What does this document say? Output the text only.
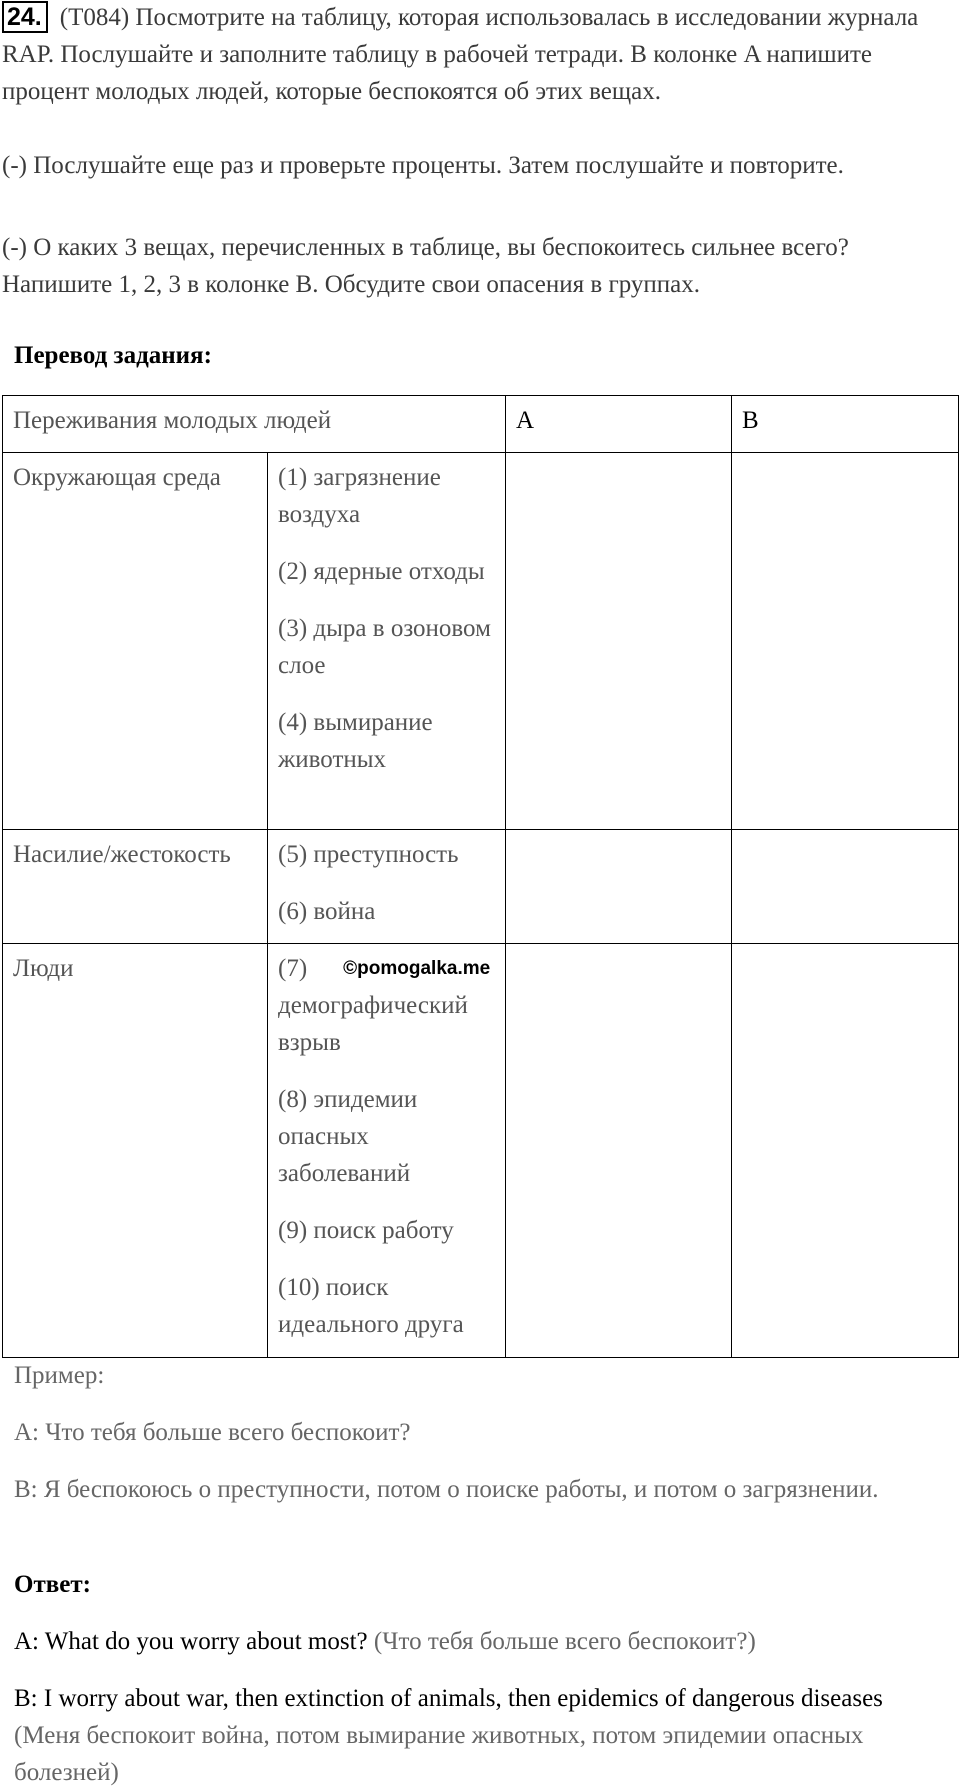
24. (T084) Посмотрите на таблицу, которая использовалась в исследовании журнала RAP. Послушайте и заполните таблицу в рабочей тетради. В колонке A напишите процент молодых людей, которые беспокоятся об этих вещах.

(-) Послушайте еще раз и проверьте проценты. Затем послушайте и повторите.

(-) О каких 3 вещах, перечисленных в таблице, вы беспокоитесь сильнее всего? Напишите 1, 2, 3 в колонке B. Обсудите свои опасения в группах.

Перевод задания:

Переживания молодых людей		A	B
Окружающая среда	(1) загрязнение воздуха
(2) ядерные отходы
(3) дыра в озоновом слое
(4) вымирание животных		

Насилие/жестокость	(5) преступность
(6) война		

Люди	(7) ©pomogalka.me
демографический взрыв
(8) эпидемии опасных заболеваний
(9) поиск работу
(10) поиск идеального друга		

Пример:

A: Что тебя больше всего беспокоит?

B: Я беспокоюсь о преступности, потом о поиске работы, и потом о загрязнении.

Ответ:

A: What do you worry about most? (Что тебя больше всего беспокоит?)

B: I worry about war, then extinction of animals, then epidemics of dangerous diseases (Меня беспокоит война, потом вымирание животных, потом эпидемии опасных болезней)
